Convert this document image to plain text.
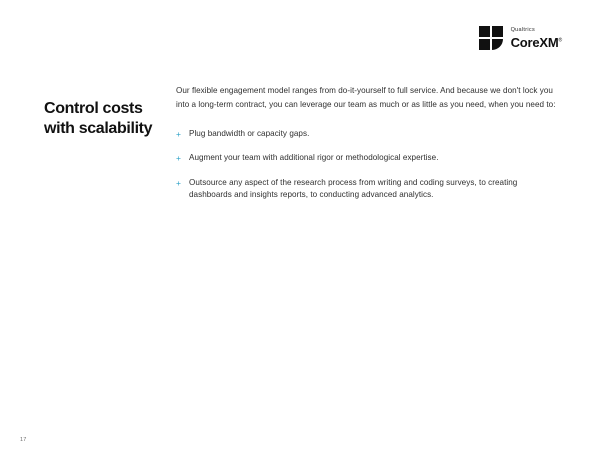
Qualtrics
CoreXM®
Control costs
with scalability

Our flexible engagement model ranges from do-it-yourself to full service. And because we don't lock you into a long-term contract, you can leverage our team as much or as little as you need, when you need to:

+ Plug bandwidth or capacity gaps.
+ Augment your team with additional rigor or methodological expertise.
+ Outsource any aspect of the research process from writing and coding surveys, to creating dashboards and insights reports, to conducting advanced analytics.
17
